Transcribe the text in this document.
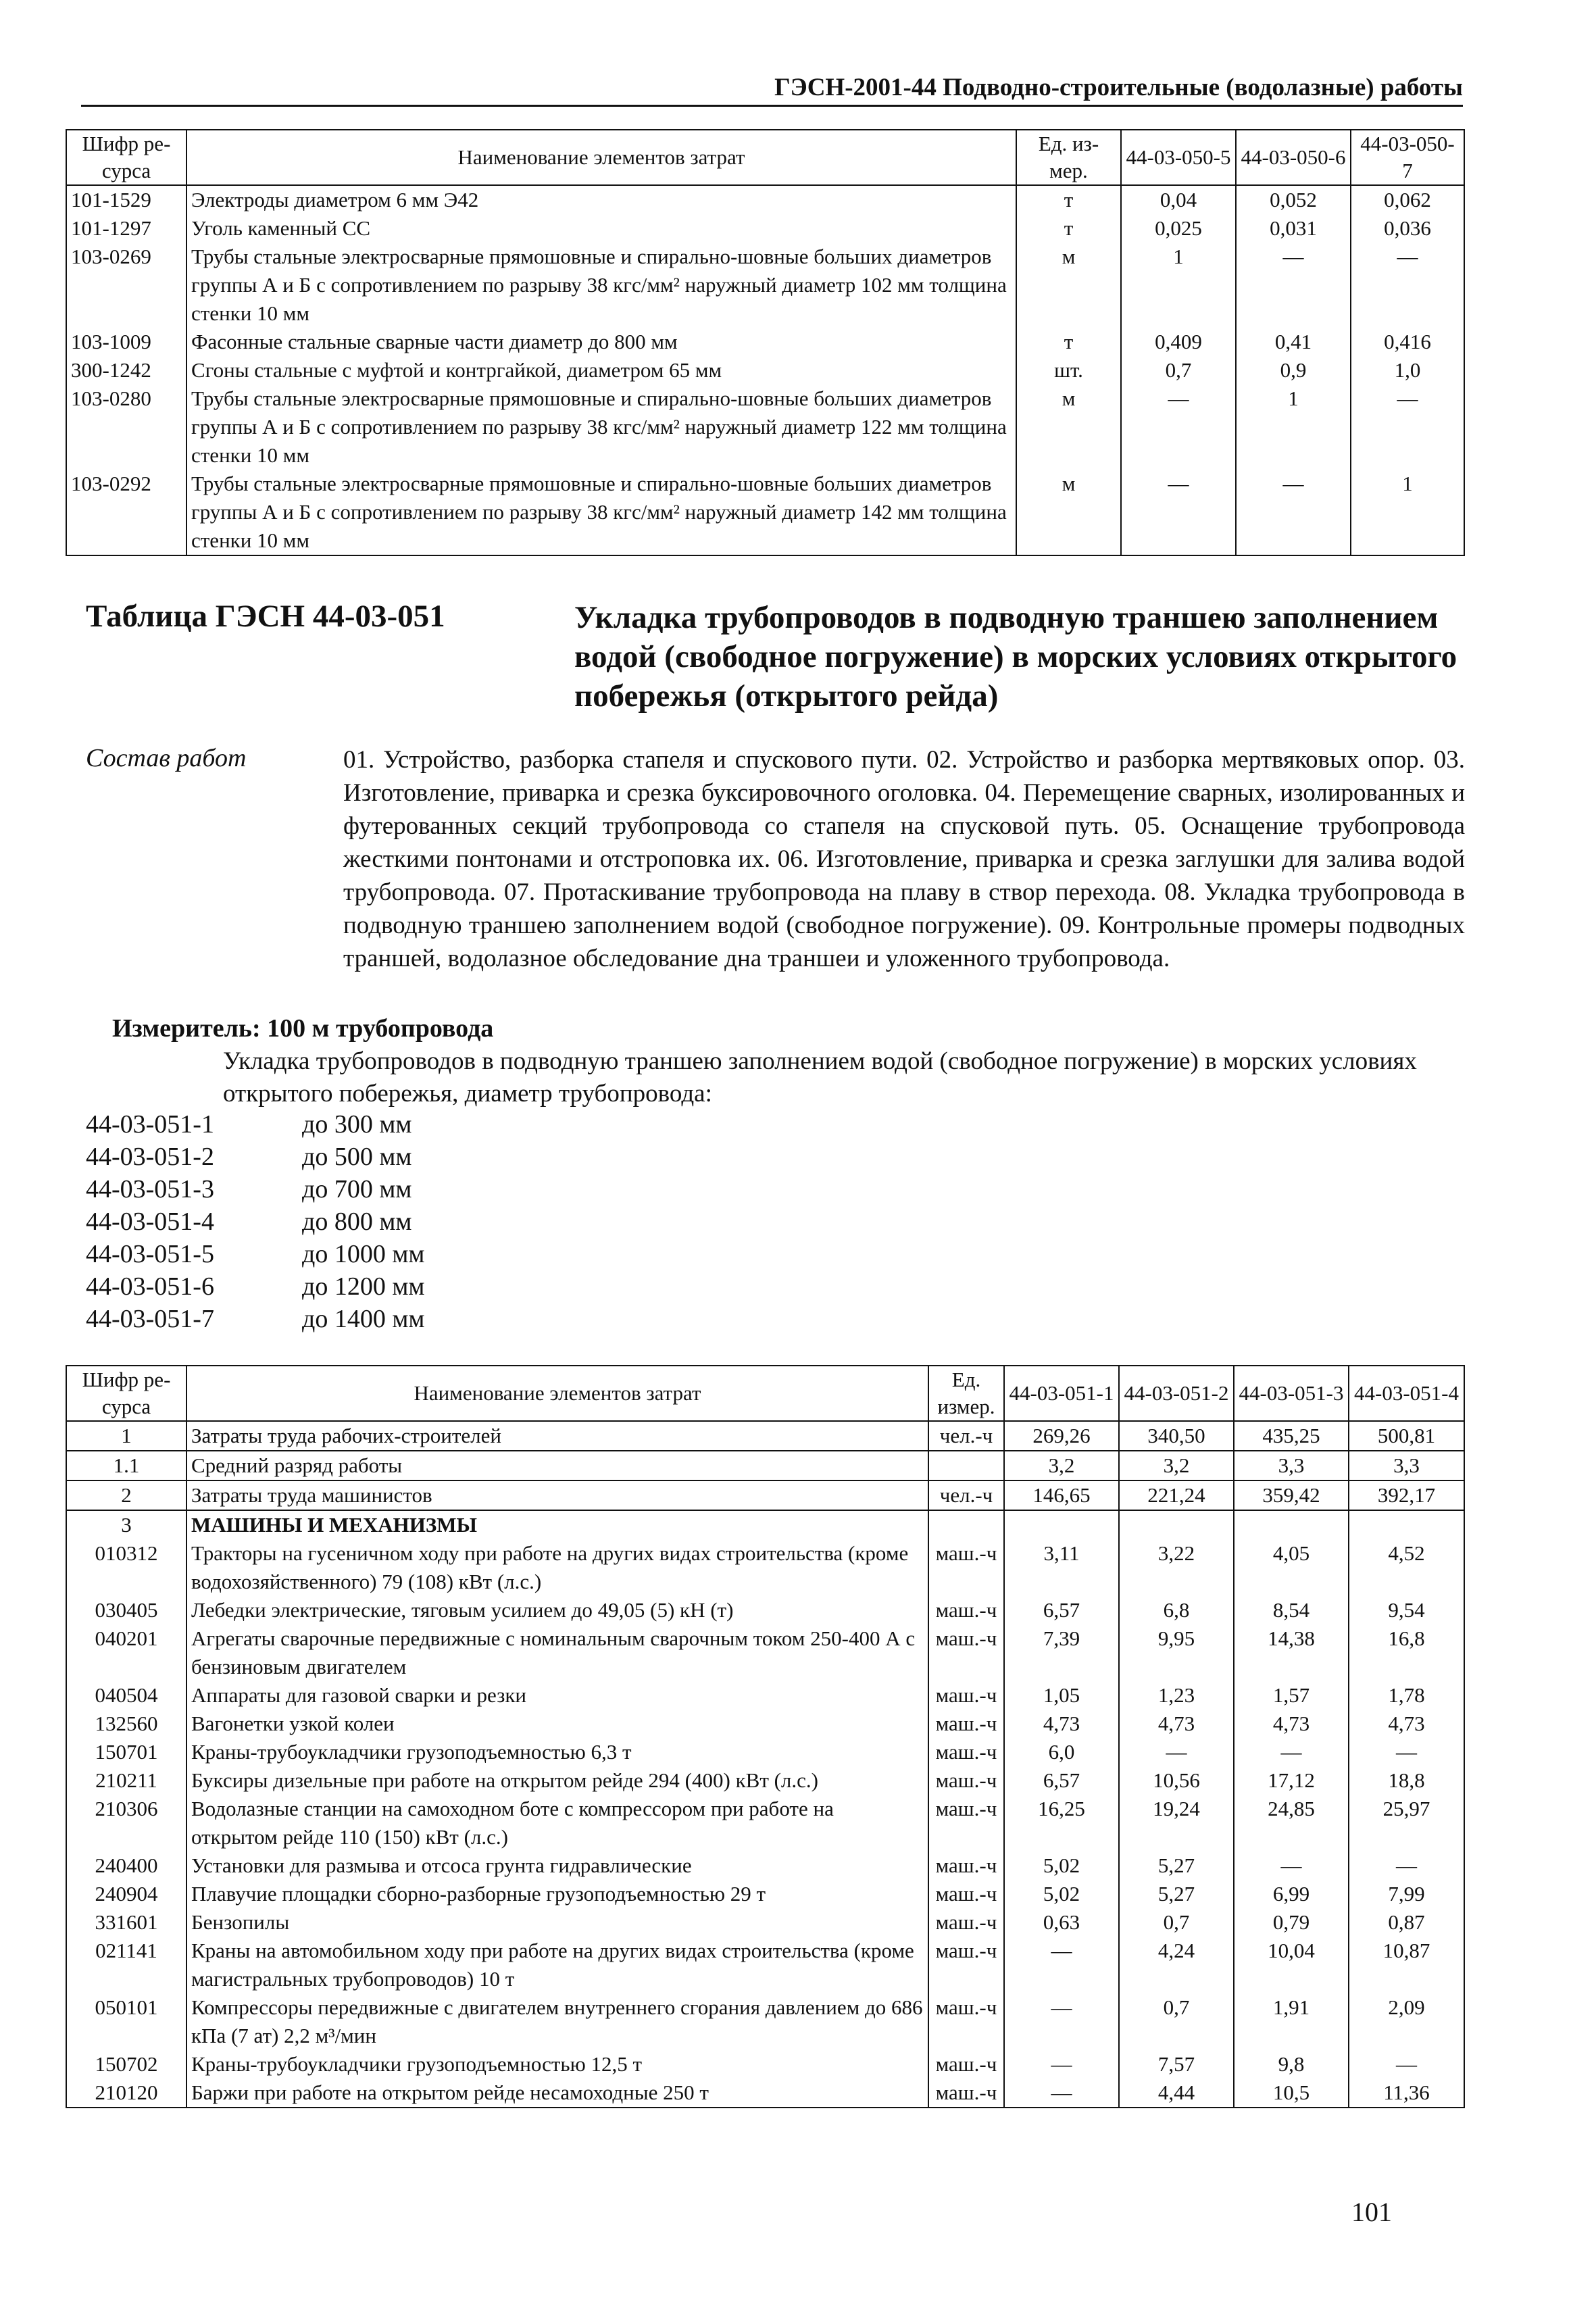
ГЭСН-2001-44 Подводно-строительные (водолазные) работы
Шифр ре-сурса	Наименование элементов затрат	Ед. из-мер.	44-03-050-5	44-03-050-6	44-03-050-7
101-1529	Электроды диаметром 6 мм Э42	т	0,04	0,052	0,062
101-1297	Уголь каменный СС	т	0,025	0,031	0,036
103-0269	Трубы стальные электросварные прямошовные и спирально-шовные больших диаметров группы А и Б с сопротивлением по разрыву 38 кгс/мм² наружный диаметр 102 мм толщина стенки 10 мм	м	1	—	—
103-1009	Фасонные стальные сварные части диаметр до 800 мм	т	0,409	0,41	0,416
300-1242	Сгоны стальные с муфтой и контргайкой, диаметром 65 мм	шт.	0,7	0,9	1,0
103-0280	Трубы стальные электросварные прямошовные и спирально-шовные больших диаметров группы А и Б с сопротивлением по разрыву 38 кгс/мм² наружный диаметр 122 мм толщина стенки 10 мм	м	—	1	—
103-0292	Трубы стальные электросварные прямошовные и спирально-шовные больших диаметров группы А и Б с сопротивлением по разрыву 38 кгс/мм² наружный диаметр 142 мм толщина стенки 10 мм	м	—	—	1
Таблица ГЭСН 44-03-051	Укладка трубопроводов в подводную траншею заполнением водой (свободное погружение) в морских условиях открытого побережья (открытого рейда)
Состав работ	01. Устройство, разборка стапеля и спускового пути. 02. Устройство и разборка мертвяковых опор. 03. Изготовление, приварка и срезка буксировочного оголовка. 04. Перемещение сварных, изолированных и футерованных секций трубопровода со стапеля на спусковой путь. 05. Оснащение трубопровода жесткими понтонами и отстроповка их. 06. Изготовление, приварка и срезка заглушки для залива водой трубопровода. 07. Протаскивание трубопровода на плаву в створ перехода. 08. Укладка трубопровода в подводную траншею заполнением водой (свободное погружение). 09. Контрольные промеры подводных траншей, водолазное обследование дна траншеи и уложенного трубопровода.
Измеритель: 100 м трубопровода
Укладка трубопроводов в подводную траншею заполнением водой (свободное погружение) в морских условиях открытого побережья, диаметр трубопровода:
44-03-051-1	до 300 мм
44-03-051-2	до 500 мм
44-03-051-3	до 700 мм
44-03-051-4	до 800 мм
44-03-051-5	до 1000 мм
44-03-051-6	до 1200 мм
44-03-051-7	до 1400 мм
Шифр ре-сурса	Наименование элементов затрат	Ед. измер.	44-03-051-1	44-03-051-2	44-03-051-3	44-03-051-4
1	Затраты труда рабочих-строителей	чел.-ч	269,26	340,50	435,25	500,81
1.1	Средний разряд работы		3,2	3,2	3,3	3,3
2	Затраты труда машинистов	чел.-ч	146,65	221,24	359,42	392,17
3	МАШИНЫ И МЕХАНИЗМЫ					
010312	Тракторы на гусеничном ходу при работе на других видах строительства (кроме водохозяйственного) 79 (108) кВт (л.с.)	маш.-ч	3,11	3,22	4,05	4,52
030405	Лебедки электрические, тяговым усилием до 49,05 (5) кН (т)	маш.-ч	6,57	6,8	8,54	9,54
040201	Агрегаты сварочные передвижные с номинальным сварочным током 250-400 А с бензиновым двигателем	маш.-ч	7,39	9,95	14,38	16,8
040504	Аппараты для газовой сварки и резки	маш.-ч	1,05	1,23	1,57	1,78
132560	Вагонетки узкой колеи	маш.-ч	4,73	4,73	4,73	4,73
150701	Краны-трубоукладчики грузоподъемностью 6,3 т	маш.-ч	6,0	—	—	—
210211	Буксиры дизельные при работе на открытом рейде 294 (400) кВт (л.с.)	маш.-ч	6,57	10,56	17,12	18,8
210306	Водолазные станции на самоходном боте с компрессором при работе на открытом рейде 110 (150) кВт (л.с.)	маш.-ч	16,25	19,24	24,85	25,97
240400	Установки для размыва и отсоса грунта гидравлические	маш.-ч	5,02	5,27	—	—
240904	Плавучие площадки сборно-разборные грузоподъемностью 29 т	маш.-ч	5,02	5,27	6,99	7,99
331601	Бензопилы	маш.-ч	0,63	0,7	0,79	0,87
021141	Краны на автомобильном ходу при работе на других видах строительства (кроме магистральных трубопроводов) 10 т	маш.-ч	—	4,24	10,04	10,87
050101	Компрессоры передвижные с двигателем внутреннего сгорания давлением до 686 кПа (7 ат) 2,2 м³/мин	маш.-ч	—	0,7	1,91	2,09
150702	Краны-трубоукладчики грузоподъемностью 12,5 т	маш.-ч	—	7,57	9,8	—
210120	Баржи при работе на открытом рейде несамоходные 250 т	маш.-ч	—	4,44	10,5	11,36
101
